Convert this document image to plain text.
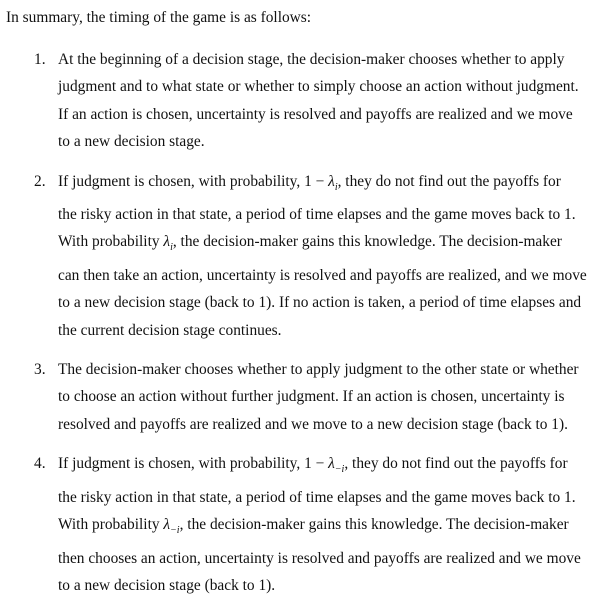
In summary, the timing of the game is as follows:

1. At the beginning of a decision stage, the decision-maker chooses whether to apply
judgment and to what state or whether to simply choose an action without judgment.
If an action is chosen, uncertainty is resolved and payoffs are realized and we move
to a new decision stage.
2. If judgment is chosen, with probability, $1 - \lambda_i$, they do not find out the payoffs for
the risky action in that state, a period of time elapses and the game moves back to 1.
With probability $\lambda_i$, the decision-maker gains this knowledge. The decision-maker
can then take an action, uncertainty is resolved and payoffs are realized, and we move
to a new decision stage (back to 1). If no action is taken, a period of time elapses and
the current decision stage continues.
3. The decision-maker chooses whether to apply judgment to the other state or whether
to choose an action without further judgment. If an action is chosen, uncertainty is
resolved and payoffs are realized and we move to a new decision stage (back to 1).
4. If judgment is chosen, with probability, $1 - \lambda_{-i}$, they do not find out the payoffs for
the risky action in that state, a period of time elapses and the game moves back to 1.
With probability $\lambda_{-i}$, the decision-maker gains this knowledge. The decision-maker
then chooses an action, uncertainty is resolved and payoffs are realized and we move
to a new decision stage (back to 1).
